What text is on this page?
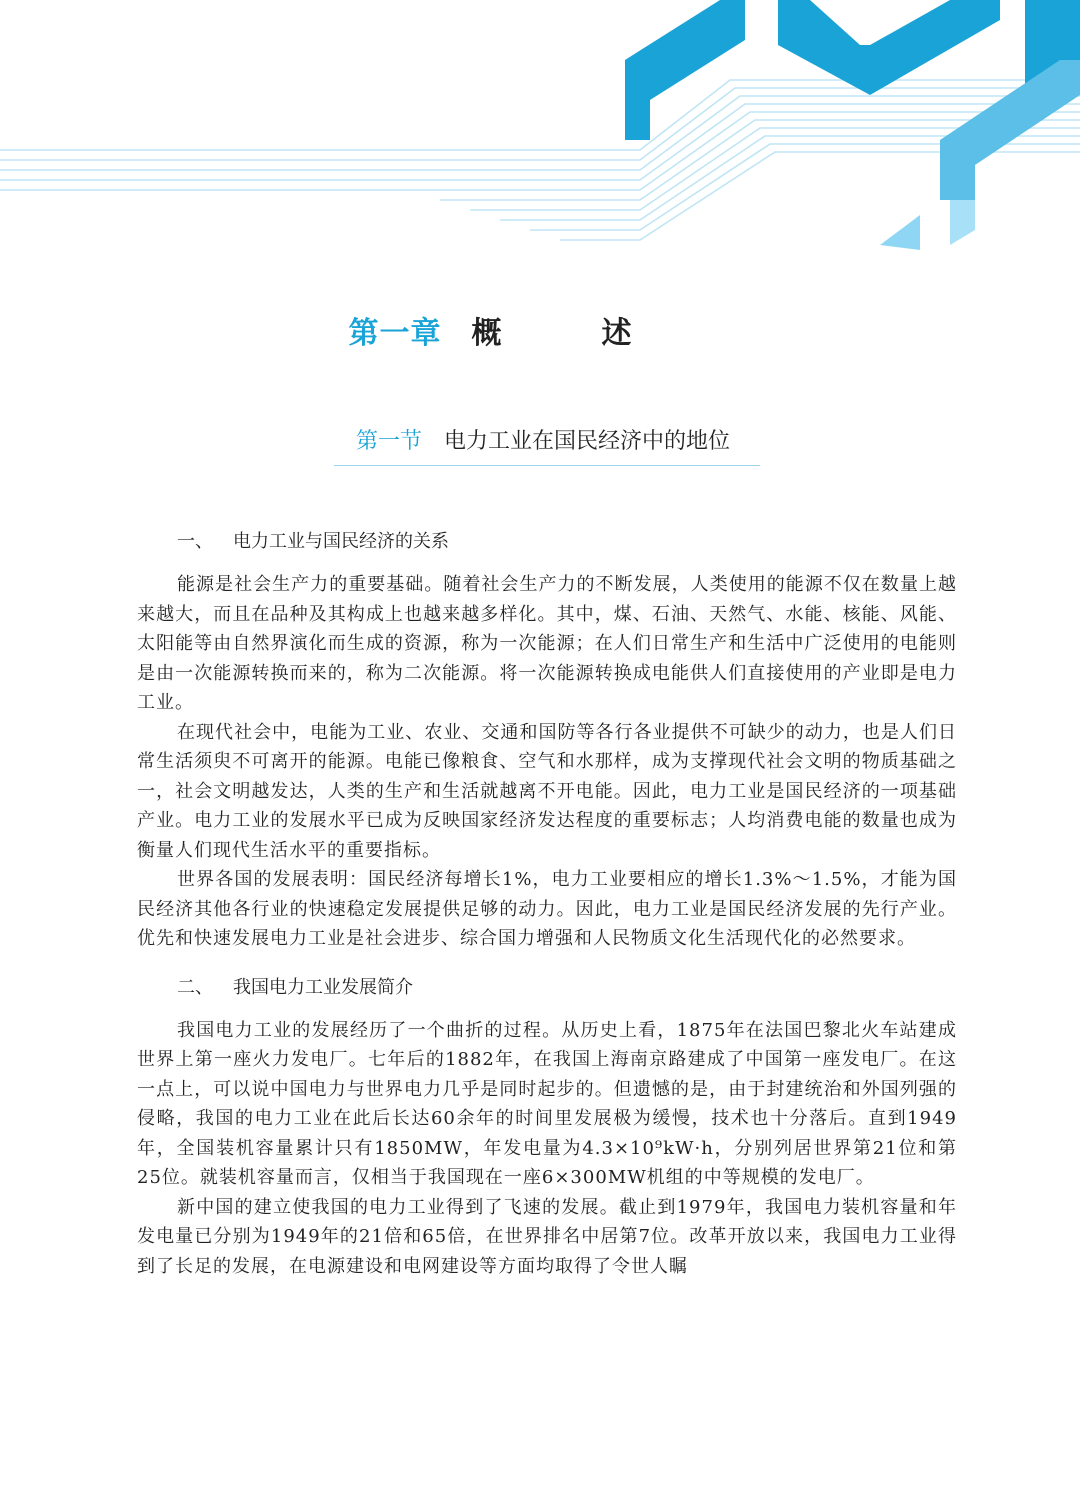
第一章 概述
第一节 电力工业在国民经济中的地位
一、 电力工业与国民经济的关系

能源是社会生产力的重要基础。随着社会生产力的不断发展，人类使用的能源不仅在数量上越来越大，而且在品种及其构成上也越来越多样化。其中，煤、石油、天然气、水能、核能、风能、太阳能等由自然界演化而生成的资源，称为一次能源；在人们日常生产和生活中广泛使用的电能则是由一次能源转换而来的，称为二次能源。将一次能源转换成电能供人们直接使用的产业即是电力工业。

在现代社会中，电能为工业、农业、交通和国防等各行各业提供不可缺少的动力，也是人们日常生活须臾不可离开的能源。电能已像粮食、空气和水那样，成为支撑现代社会文明的物质基础之一，社会文明越发达，人类的生产和生活就越离不开电能。因此，电力工业是国民经济的一项基础产业。电力工业的发展水平已成为反映国家经济发达程度的重要标志；人均消费电能的数量也成为衡量人们现代生活水平的重要指标。

世界各国的发展表明：国民经济每增长1%，电力工业要相应的增长1.3%～1.5%，才能为国民经济其他各行业的快速稳定发展提供足够的动力。因此，电力工业是国民经济发展的先行产业。优先和快速发展电力工业是社会进步、综合国力增强和人民物质文化生活现代化的必然要求。

二、 我国电力工业发展简介

我国电力工业的发展经历了一个曲折的过程。从历史上看，1875年在法国巴黎北火车站建成世界上第一座火力发电厂。七年后的1882年，在我国上海南京路建成了中国第一座发电厂。在这一点上，可以说中国电力与世界电力几乎是同时起步的。但遗憾的是，由于封建统治和外国列强的侵略，我国的电力工业在此后长达60余年的时间里发展极为缓慢，技术也十分落后。直到1949年，全国装机容量累计只有1850MW，年发电量为4.3×10⁹kW·h，分别列居世界第21位和第25位。就装机容量而言，仅相当于我国现在一座6×300MW机组的中等规模的发电厂。

新中国的建立使我国的电力工业得到了飞速的发展。截止到1979年，我国电力装机容量和年发电量已分别为1949年的21倍和65倍，在世界排名中居第7位。改革开放以来，我国电力工业得到了长足的发展，在电源建设和电网建设等方面均取得了令世人瞩
